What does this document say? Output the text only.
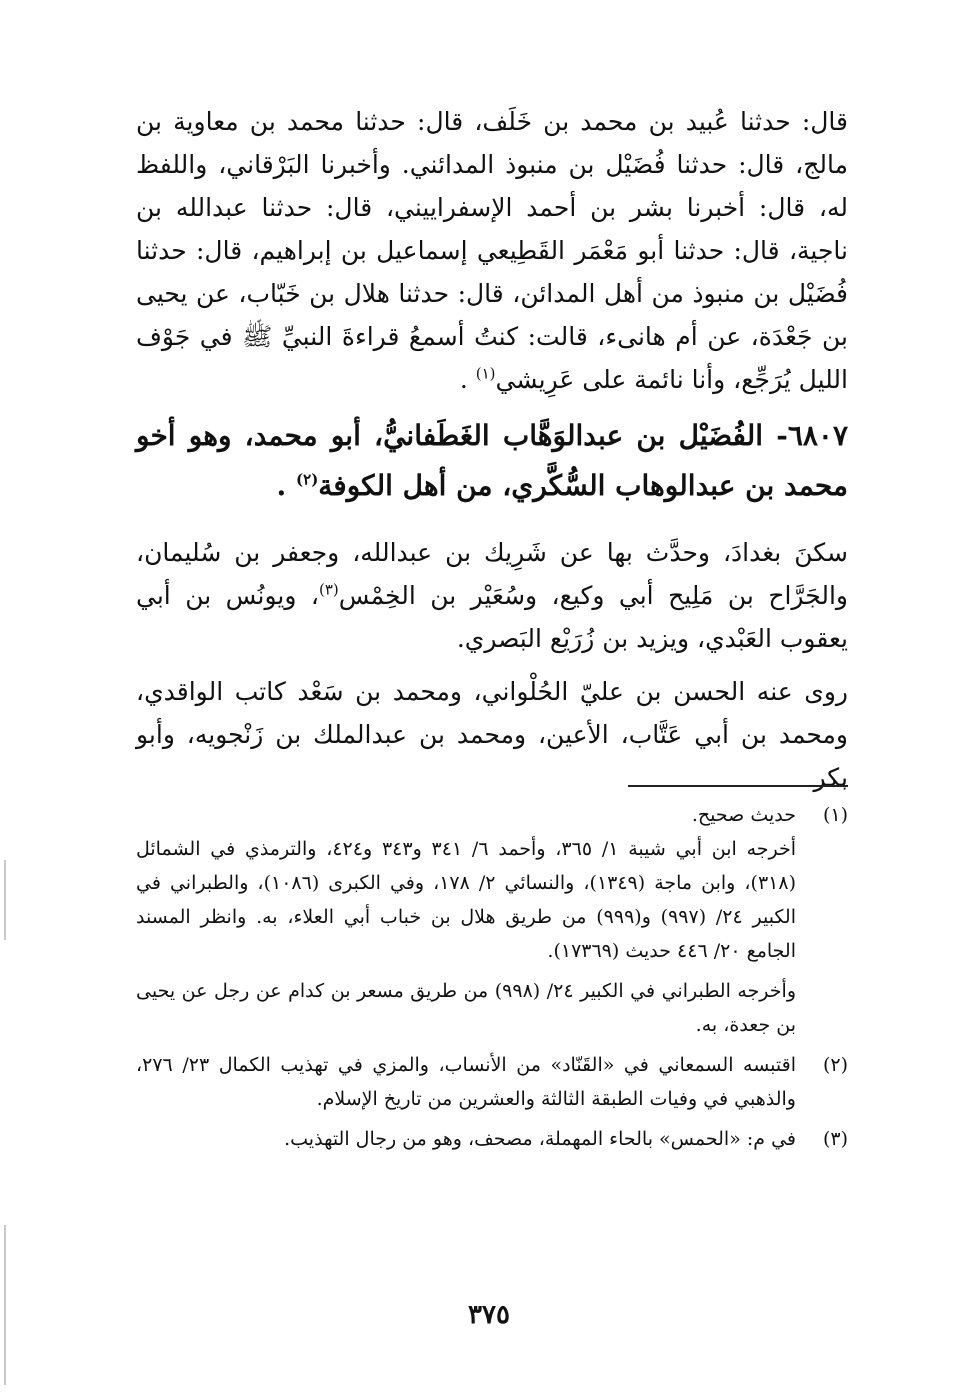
قال: حدثنا عُبيد بن محمد بن خَلَف، قال: حدثنا محمد بن معاوية بن مالج، قال: حدثنا فُضَيْل بن منبوذ المدائني. وأخبرنا البَرْقاني، واللفظ له، قال: أخبرنا بشر بن أحمد الإسفراييني، قال: حدثنا عبدالله بن ناجية، قال: حدثنا أبو مَعْمَر القَطِيعي إسماعيل بن إبراهيم، قال: حدثنا فُضَيْل بن منبوذ من أهل المدائن، قال: حدثنا هلال بن خَبّاب، عن يحيى بن جَعْدَة، عن أم هانىء، قالت: كنتُ أسمعُ قراءةَ النبيِّ ﷺ في جَوْف الليل يُرَجِّع، وأنا نائمة على عَرِيشي$^{(١)}$ .

٦٨٠٧- الفُضَيْل بن عبدالوَهَّاب الغَطَفانيُّ، أبو محمد، وهو أخو محمد بن عبدالوهاب السُّكَّري، من أهل الكوفة$^{(٢)}$ .

سكنَ بغدادَ، وحدَّث بها عن شَرِيك بن عبدالله، وجعفر بن سُليمان، والجَرَّاح بن مَلِيح أبي وكيع، وسُعَيْر بن الخِمْس$^{(٣)}$، ويونُس بن أبي يعقوب العَبْدي، ويزيد بن زُرَيْع البَصري.

روى عنه الحسن بن عليّ الحُلْواني، ومحمد بن سَعْد كاتب الواقدي، ومحمد بن أبي عَتَّاب، الأعين، ومحمد بن عبدالملك بن زَنْجويه، وأبو بكر

(١)
حديث صحيح.
أخرجه ابن أبي شيبة ١/ ٣٦٥، وأحمد ٦/ ٣٤١ و٣٤٣ و٤٢٤، والترمذي في الشمائل (٣١٨)، وابن ماجة (١٣٤٩)، والنسائي ٢/ ١٧٨، وفي الكبرى (١٠٨٦)، والطبراني في الكبير ٢٤/ (٩٩٧) و(٩٩٩) من طريق هلال بن خباب أبي العلاء، به. وانظر المسند الجامع ٢٠/ ٤٤٦ حديث (١٧٣٦٩).
وأخرجه الطبراني في الكبير ٢٤/ (٩٩٨) من طريق مسعر بن كدام عن رجل عن يحيى بن جعدة، به.
(٢)
اقتبسه السمعاني في «القَنّاد» من الأنساب، والمزي في تهذيب الكمال ٢٣/ ٢٧٦، والذهبي في وفيات الطبقة الثالثة والعشرين من تاريخ الإسلام.
(٣)
في م: «الحمس» بالحاء المهملة، مصحف، وهو من رجال التهذيب.
٣٧٥
